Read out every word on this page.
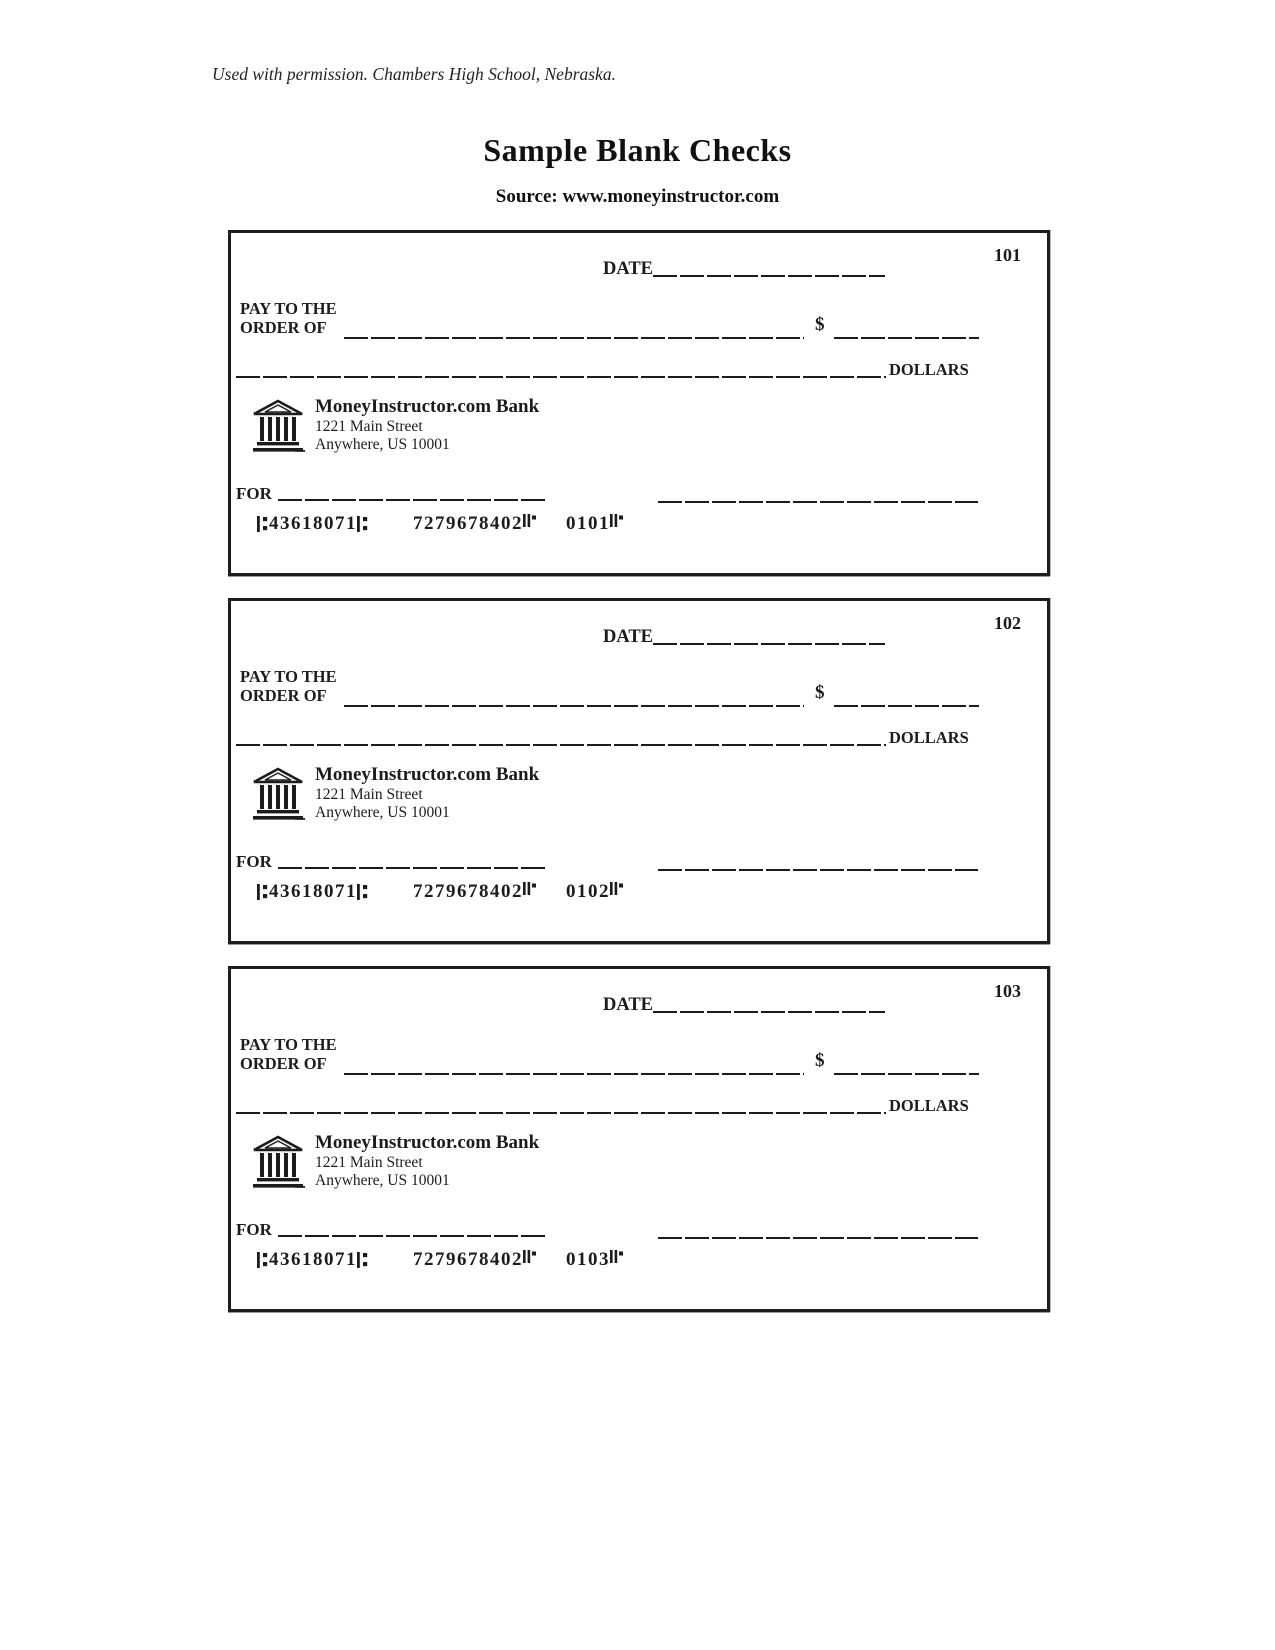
Used with permission. Chambers High School, Nebraska.
Sample Blank Checks
Source: www.moneyinstructor.com
101
DATE
PAY TO THE
ORDER OF	$
DOLLARS
MoneyInstructor.com Bank
1221 Main Street
Anywhere, US 10001
FOR
43618071	7279678402 0101
102
DATE
PAY TO THE
ORDER OF	$
DOLLARS
MoneyInstructor.com Bank
1221 Main Street
Anywhere, US 10001
FOR
43618071	7279678402 0102
103
DATE
PAY TO THE
ORDER OF	$
DOLLARS
MoneyInstructor.com Bank
1221 Main Street
Anywhere, US 10001
FOR
43618071	7279678402 0103
